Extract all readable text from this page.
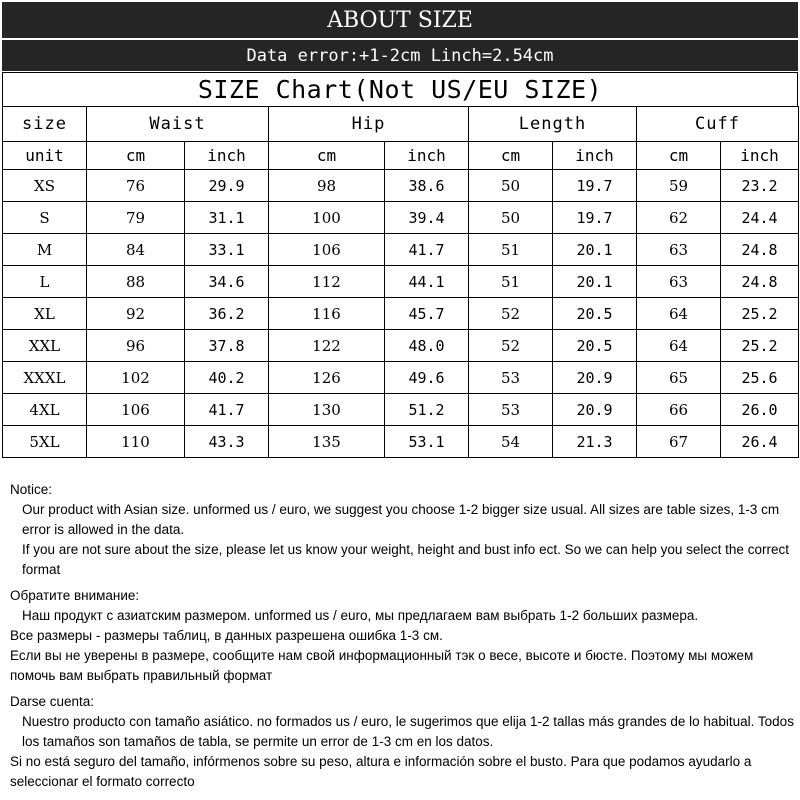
ABOUT SIZE
Data error:+1-2cm Linch=2.54cm
SIZE Chart(Not US/EU SIZE)
size	Waist		Hip		Length		Cuff	
unit	cm	inch	cm	inch	cm	inch	cm	inch
XS	76	29.9	98	38.6	50	19.7	59	23.2
S	79	31.1	100	39.4	50	19.7	62	24.4
M	84	33.1	106	41.7	51	20.1	63	24.8
L	88	34.6	112	44.1	51	20.1	63	24.8
XL	92	36.2	116	45.7	52	20.5	64	25.2
XXL	96	37.8	122	48.0	52	20.5	64	25.2
XXXL	102	40.2	126	49.6	53	20.9	65	25.6
4XL	106	41.7	130	51.2	53	20.9	66	26.0
5XL	110	43.3	135	53.1	54	21.3	67	26.4

Notice:

Our product with Asian size. unformed us / euro, we suggest you choose 1-2 bigger size usual. All sizes are table sizes, 1-3 cm error is allowed in the data.

If you are not sure about the size, please let us know your weight, height and bust info ect. So we can help you select the correct format

Обратите внимание:

Наш продукт с азиатским размером. unformed us / euro, мы предлагаем вам выбрать 1-2 больших размера.

Все размеры - размеры таблиц, в данных разрешена ошибка 1-3 см.

Если вы не уверены в размере, сообщите нам свой информационный тэк о весе, высоте и бюсте. Поэтому мы можем помочь вам выбрать правильный формат

Darse cuenta:

Nuestro producto con tamaño asiático. no formados us / euro, le sugerimos que elija 1-2 tallas más grandes de lo habitual. Todos los tamaños son tamaños de tabla, se permite un error de 1-3 cm en los datos.

Si no está seguro del tamaño, infórmenos sobre su peso, altura e información sobre el busto. Para que podamos ayudarlo a seleccionar el formato correcto
